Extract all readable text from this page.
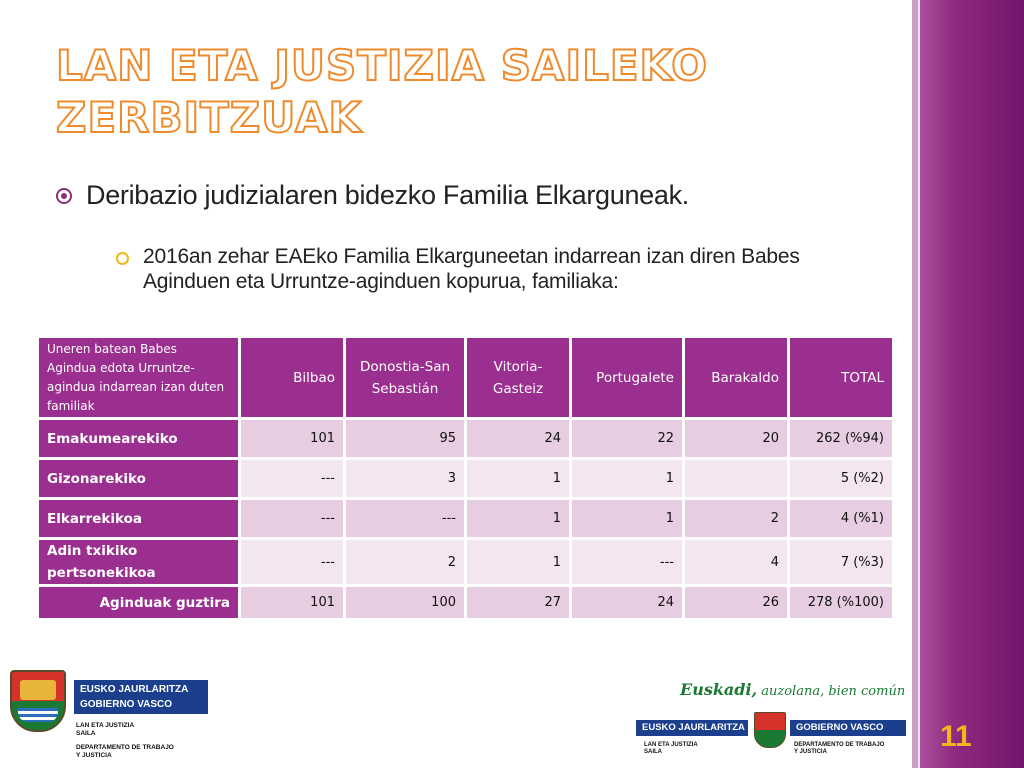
11
LAN ETA JUSTIZIA SAILEKO
ZERBITZUAK
Deribazio judizialaren bidezko Familia Elkarguneak.
2016an zehar EAEko Familia Elkarguneetan indarrean izan diren Babes Aginduen eta Urruntze-aginduen kopurua, familiaka:
Uneren batean Babes Agindua edota Urruntze-agindua indarrean izan duten familiak	Bilbao	Donostia-San Sebastián	Vitoria-Gasteiz	Portugalete	Barakaldo	TOTAL
Emakumearekiko	101	95	24	22	20	262 (%94)
Gizonarekiko	---	3	1	1		5 (%2)
Elkarrekikoa	---	---	1	1	2	4 (%1)
Adin txikiko pertsonekikoa	---	2	1	---	4	7 (%3)
Aginduak guztira	101	100	27	24	26	278 (%100)
EUSKO JAURLARITZA
GOBIERNO VASCO
LAN ETA JUSTIZIA
SAILA
DEPARTAMENTO DE TRABAJO
Y JUSTICIA
Euskadi, auzolana, bien común
EUSKO JAURLARITZA	GOBIERNO VASCO
LAN ETA JUSTIZIA
SAILA
DEPARTAMENTO DE TRABAJO
Y JUSTICIA
